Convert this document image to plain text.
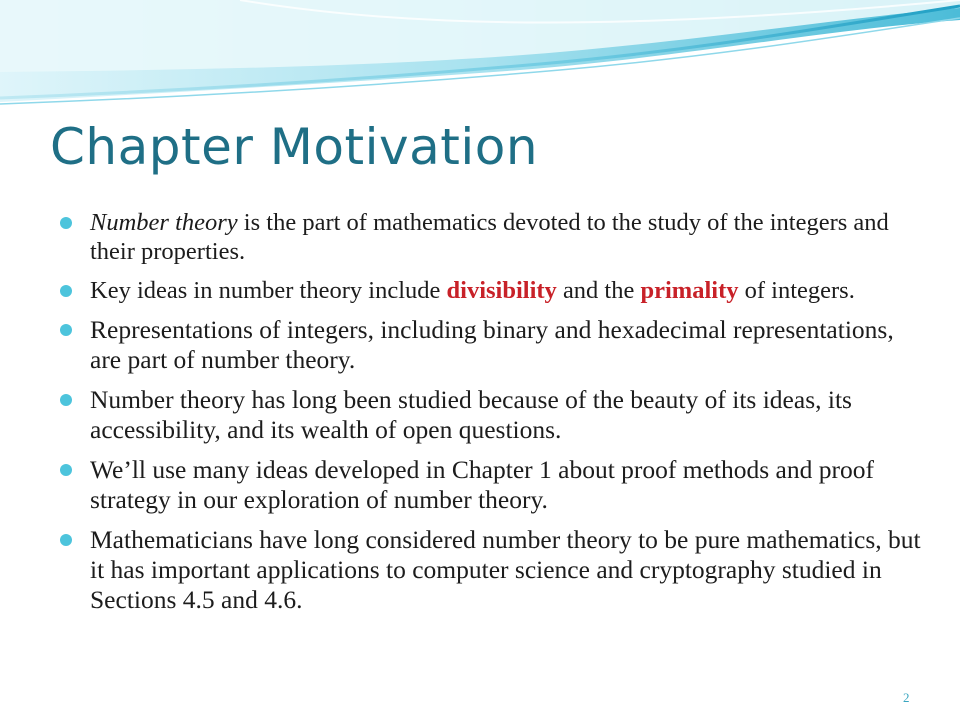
Chapter Motivation
Number theory is the part of mathematics devoted to the study of the integers and their properties.
Key ideas in number theory include divisibility and the primality of integers.
Representations of integers, including binary and hexadecimal representations, are part of number theory.
Number theory has long been studied because of the beauty of its ideas, its accessibility, and its wealth of open questions.
We’ll use many ideas developed in Chapter 1 about proof methods and proof strategy in our exploration of number theory.
Mathematicians have long considered number theory to be pure mathematics, but it has important applications to computer science and cryptography studied in Sections 4.5 and 4.6.
2
